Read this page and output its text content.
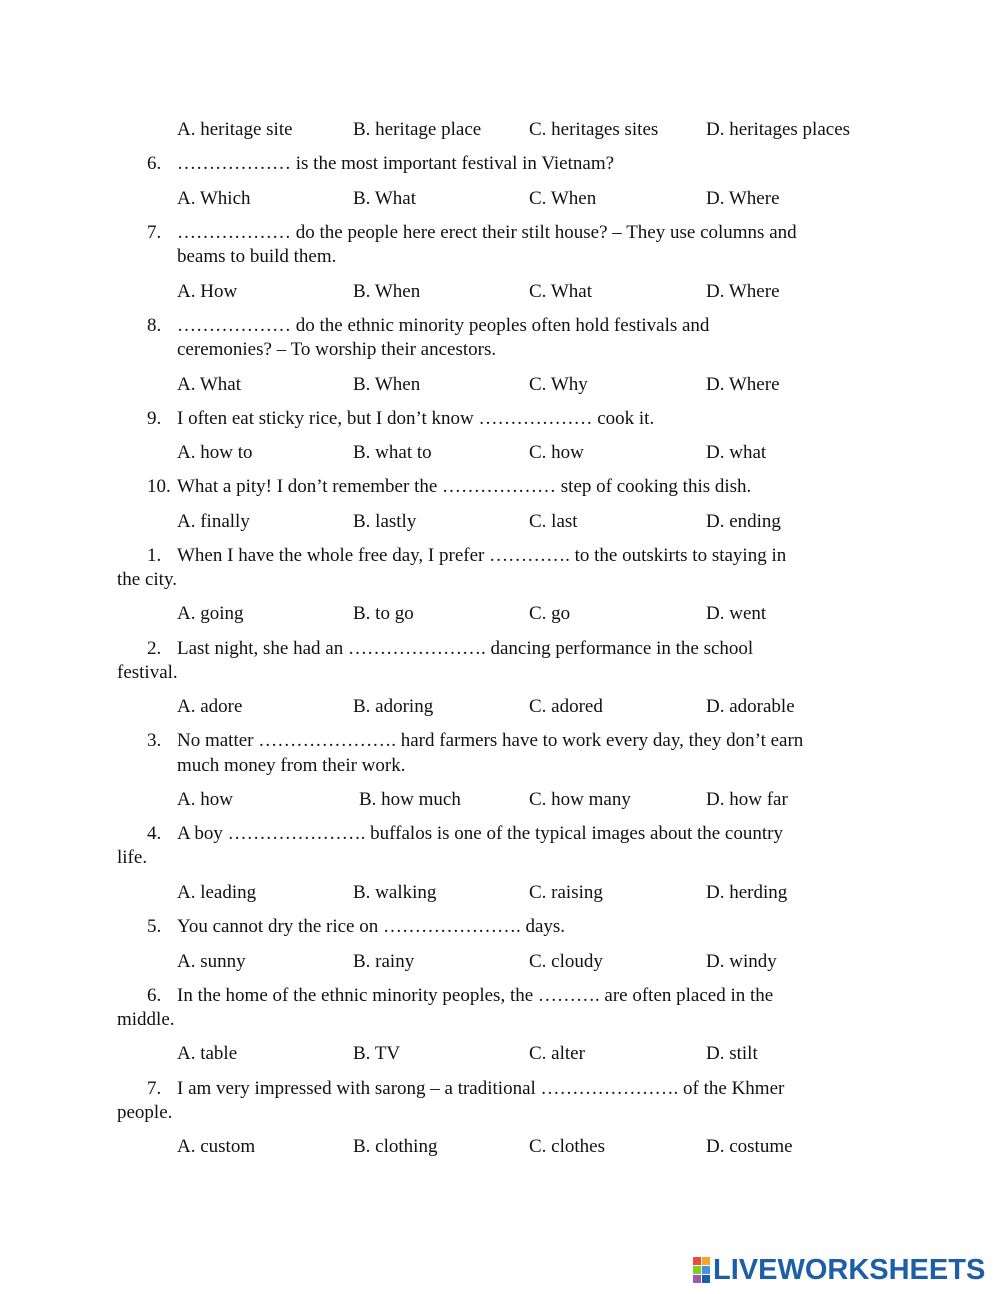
A. heritage site	B. heritage place	C. heritages sites	D. heritages places
6. ……………… is the most important festival in Vietnam?
A. Which	B. What	C. When	D. Where
7. ……………… do the people here erect their stilt house? – They use columns and
beams to build them.
A. How	B. When	C. What	D. Where
8. ……………… do the ethnic minority peoples often hold festivals and
ceremonies? – To worship their ancestors.
A. What	B. When	C. Why	D. Where
9. I often eat sticky rice, but I don’t know ……………… cook it.
A. how to	B. what to	C. how	D. what
10. What a pity! I don’t remember the ……………… step of cooking this dish.
A. finally	B. lastly	C. last	D. ending
1. When I have the whole free day, I prefer …………. to the outskirts to staying in
the city.
A. going	B. to go	C. go	D. went
2. Last night, she had an …………………. dancing performance in the school
festival.
A. adore	B. adoring	C. adored	D. adorable
3. No matter …………………. hard farmers have to work every day, they don’t earn
much money from their work.
A. how	B. how much	C. how many	D. how far
4. A boy …………………. buffalos is one of the typical images about the country
life.
A. leading	B. walking	C. raising	D. herding
5. You cannot dry the rice on …………………. days.
A. sunny	B. rainy	C. cloudy	D. windy
6. In the home of the ethnic minority peoples, the ………. are often placed in the
middle.
A. table	B. TV	C. alter	D. stilt
7. I am very impressed with sarong – a traditional …………………. of the Khmer
people.
A. custom	B. clothing	C. clothes	D. costume
LIVEWORKSHEETS
